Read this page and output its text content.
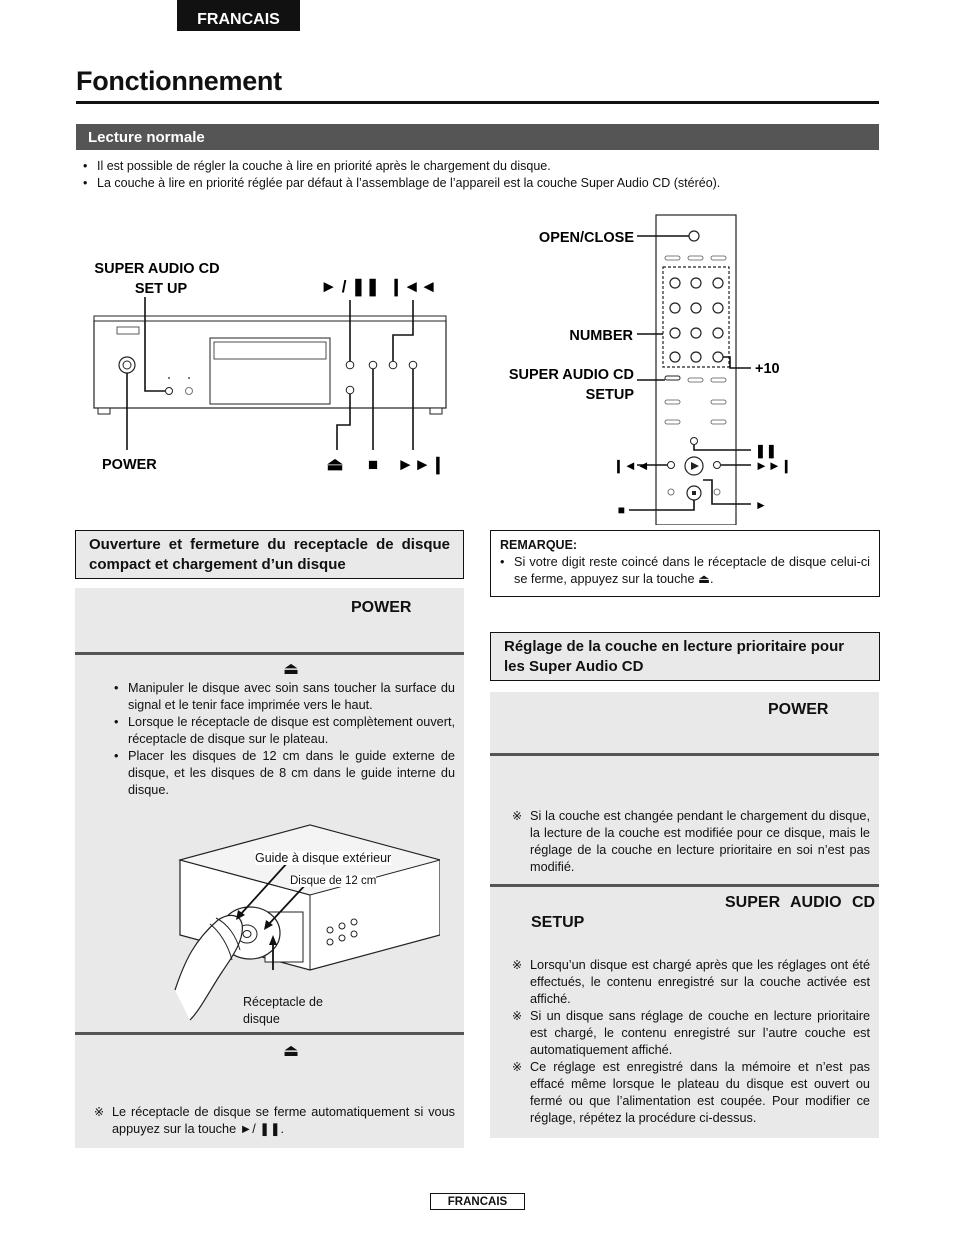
FRANCAIS
Fonctionnement
Lecture normale
• Il est possible de régler la couche à lire en priorité après le chargement du disque.
• La couche à lire en priorité réglée par défaut à l’assemblage de l’appareil est la couche Super Audio CD (stéréo).
SUPER AUDIO CD
SET UP	► / ❚❚ ❙◄◄
POWER	⏏ ■ ►►❙
OPEN/CLOSE
NUMBER
SUPER AUDIO CD
SETUP
+10
❚❚
❙◄◄	►►❙
■	►
Ouverture et fermeture du receptacle de disque compact et chargement d’un disque
POWER
⏏
• Manipuler le disque avec soin sans toucher la surface du signal et le tenir face imprimée vers le haut.
• Lorsque le réceptacle de disque est complètement ouvert, réceptacle de disque sur le plateau.
• Placer les disques de 12 cm dans le guide externe de disque, et les disques de 8 cm dans le guide interne du disque.
Guide à disque extérieur
Disque de 12 cm
Réceptacle de
disque
⏏
※ Le réceptacle de disque se ferme automatiquement si vous appuyez sur la touche ►/ ❚❚.
REMARQUE:
• Si votre digit reste coincé dans le réceptacle de disque celui-ci se ferme, appuyez sur la touche ⏏.
Réglage de la couche en lecture prioritaire pour les Super Audio CD
POWER
※ Si la couche est changée pendant le chargement du disque, la lecture de la couche est modifiée pour ce disque, mais le réglage de la couche en lecture prioritaire en soi n’est pas modifié.
SUPER AUDIO CD
SETUP
※ Lorsqu’un disque est chargé après que les réglages ont été effectués, le contenu enregistré sur la couche activée est affiché.
※ Si un disque sans réglage de couche en lecture prioritaire est chargé, le contenu enregistré sur l’autre couche est automatiquement affiché.
※ Ce réglage est enregistré dans la mémoire et n’est pas effacé même lorsque le plateau du disque est ouvert ou fermé ou que l’alimentation est coupée. Pour modifier ce réglage, répétez la procédure ci-dessus.
FRANCAIS
